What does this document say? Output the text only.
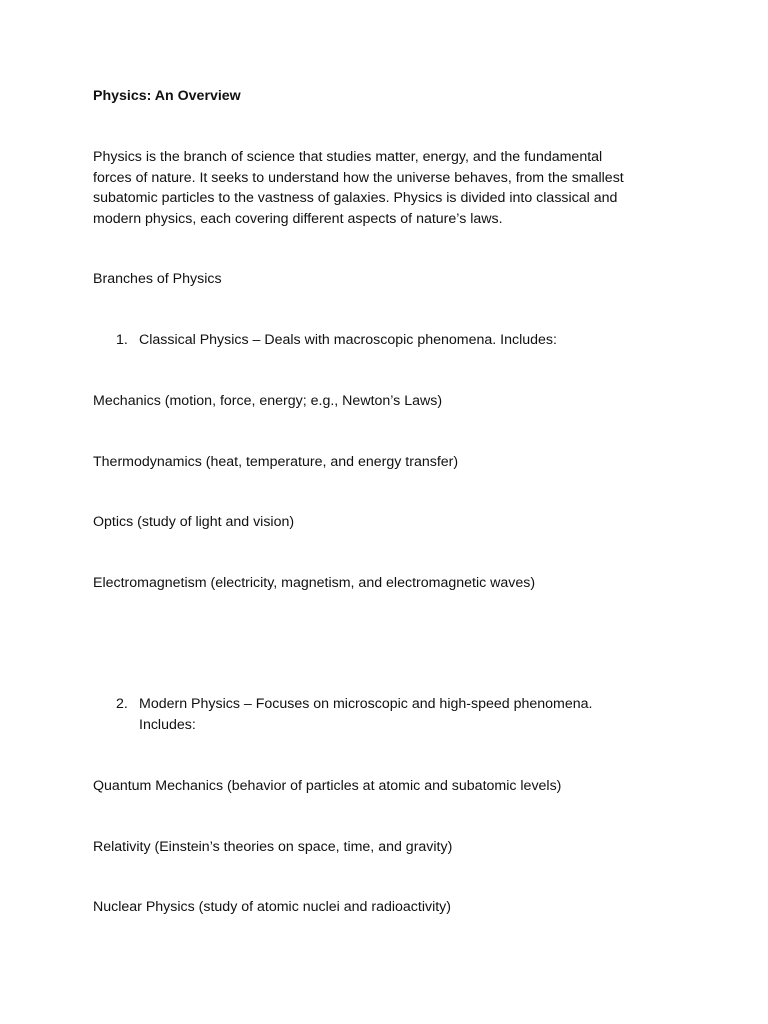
Physics: An Overview
Physics is the branch of science that studies matter, energy, and the fundamental
forces of nature. It seeks to understand how the universe behaves, from the smallest
subatomic particles to the vastness of galaxies. Physics is divided into classical and
modern physics, each covering different aspects of nature’s laws.
Branches of Physics
1. Classical Physics – Deals with macroscopic phenomena. Includes:
Mechanics (motion, force, energy; e.g., Newton’s Laws)
Thermodynamics (heat, temperature, and energy transfer)
Optics (study of light and vision)
Electromagnetism (electricity, magnetism, and electromagnetic waves)
2. Modern Physics – Focuses on microscopic and high-speed phenomena.
Includes:
Quantum Mechanics (behavior of particles at atomic and subatomic levels)
Relativity (Einstein’s theories on space, time, and gravity)
Nuclear Physics (study of atomic nuclei and radioactivity)
